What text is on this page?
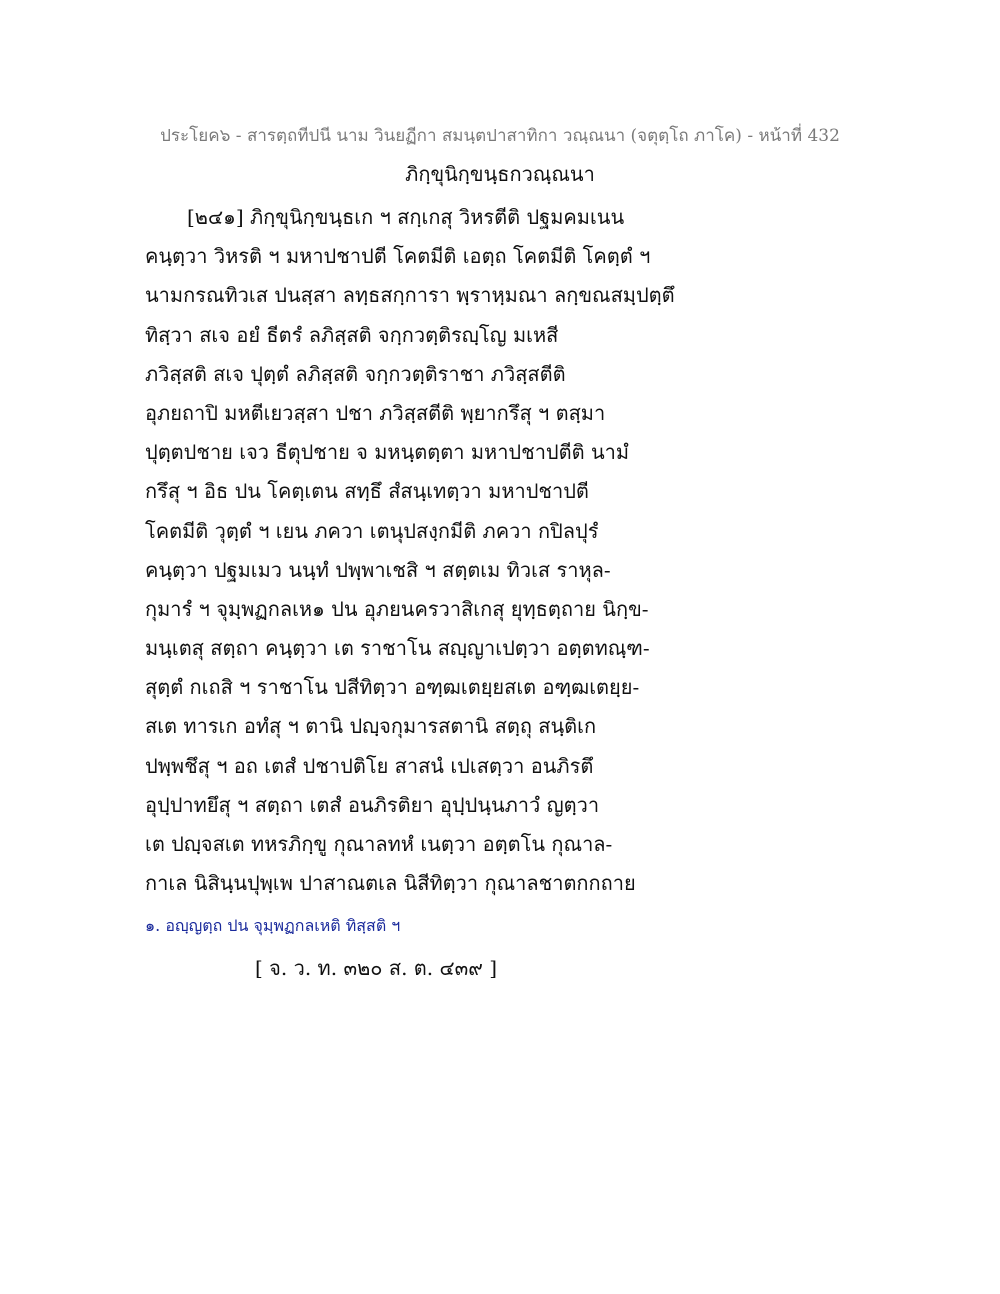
ประโยค๖ - สารตฺถทีปนี นาม วินยฏีกา สมนฺตปาสาทิกา วณฺณนา (จตุตฺโถ ภาโค) - หน้าที่ 432
ภิกฺขุนิกฺขนฺธกวณฺณนา
[๒๔๑] ภิกฺขุนิกฺขนฺธเก ฯ สกฺเกสุ วิหรตีติ ปฐมคมเนน
คนฺตฺวา วิหรติ ฯ มหาปชาปตี โคตมีติ เอตฺถ โคตมีติ โคตฺตํ ฯ
นามกรณทิวเส ปนสฺสา ลทฺธสกฺการา พฺราหฺมณา ลกฺขณสมฺปตฺตึ
ทิสฺวา สเจ อยํ ธีตรํ ลภิสฺสติ จกฺกวตฺติรญฺโญ มเหสี
ภวิสฺสติ สเจ ปุตฺตํ ลภิสฺสติ จกฺกวตฺติราชา ภวิสฺสตีติ
อุภยถาปิ มหตีเยวสฺสา ปชา ภวิสฺสตีติ พฺยากรึสุ ฯ ตสฺมา
ปุตฺตปชาย เจว ธีตุปชาย จ มหนฺตตฺตา มหาปชาปตีติ นามํ
กรึสุ ฯ อิธ ปน โคตฺเตน สทฺธึ สํสนฺเทตฺวา มหาปชาปตี
โคตมีติ วุตฺตํ ฯ เยน ภควา เตนุปสงฺกมีติ ภควา กปิลปุรํ
คนฺตฺวา ปฐมเมว นนฺทํ ปพฺพาเชสิ ฯ สตฺตเม ทิวเส ราหุล-
กุมารํ ฯ จุมฺพฏกลเห๑ ปน อุภยนครวาสิเกสุ ยุทฺธตฺถาย นิกฺข-
มนฺเตสุ สตฺถา คนฺตฺวา เต ราชาโน สญฺญาเปตฺวา อตฺตทณฺฑ-
สุตฺตํ กเถสิ ฯ ราชาโน ปสีทิตฺวา อฑฺฒเตยฺยสเต อฑฺฒเตยฺย-
สเต ทารเก อทํสุ ฯ ตานิ ปญฺจกุมารสตานิ สตฺถุ สนฺติเก
ปพฺพชึสุ ฯ อถ เตสํ ปชาปติโย สาสนํ เปเสตฺวา อนภิรตึ
อุปฺปาทยึสุ ฯ สตฺถา เตสํ อนภิรติยา อุปฺปนฺนภาวํ ญตฺวา
เต ปญฺจสเต ทหรภิกฺขู กุณาลทหํ เนตฺวา อตฺตโน กุณาล-
กาเล นิสินฺนปุพฺเพ ปาสาณตเล นิสีทิตฺวา กุณาลชาตกกถาย
๑. อญฺญตฺถ ปน จุมฺพฏกลเหติ ทิสฺสติ ฯ
[ จ. ว. ท. ๓๒๐ ส. ต. ๔๓๙ ]
